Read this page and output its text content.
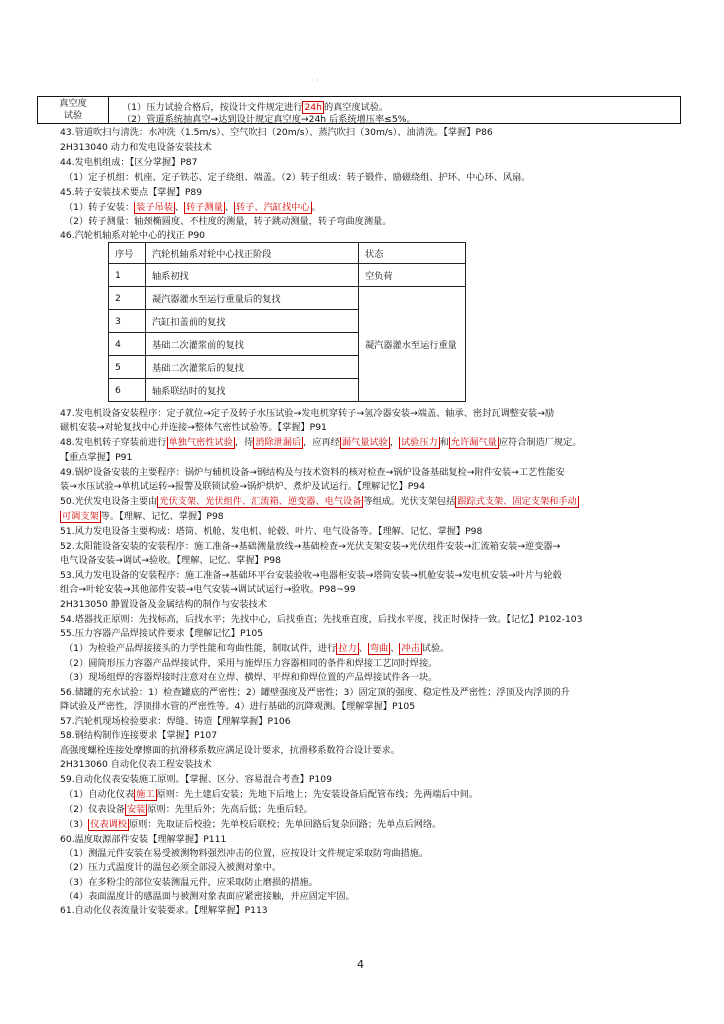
·
真空度
试验
（1）压力试验合格后，按设计文件规定进行 24h 的真空度试验。
（2）管道系统抽真空→达到设计规定真空度→24h 后系统增压率≤5%。
43.管道吹扫与清洗：水冲洗（1.5m/s）、空气吹扫（20m/s）、蒸汽吹扫（30m/s）、油清洗。【掌握】P86
2H313040 动力和发电设备安装技术
44.发电机组成：【区分掌握】P87
（1）定子机组：机座、定子铁芯、定子绕组、端盖。（2）转子组成：转子锻件、励磁绕组、护环、中心环、风扇。
45.转子安装技术要点【掌握】P89
（1）转子安装： 装子吊装 、 转子测量 、 转子、汽缸找中心 。
（2）转子测量：轴颈椭圆度、不柱度的测量，转子跳动测量，转子弯曲度测量。
46.汽轮机轴系对轮中心的找正 P90
序号	汽轮机轴系对轮中心找正阶段	状态
1	轴系初找	空负荷
2	凝汽器灌水至运行重量后的复找	凝汽器灌水至运行重量
3	汽缸扣盖前的复找	
4	基础二次灌浆前的复找	
5	基础二次灌浆后的复找	
6	轴系联结时的复找	
47.发电机设备安装程序：定子就位→定子及转子水压试验→发电机穿转子→氢冷器安装→端盖、轴承、密封瓦调整安装→励
磁机安装→对轮复找中心并连接→整体气密性试验等。【掌握】P91
48.发电机转子穿装前进行 单独气密性试验 ，待 消除泄漏后 ，应再经 漏气量试验 ， 试验压力 和 允许漏气量 应符合制造厂规定。
【重点掌握】P91
49.锅炉设备安装的主要程序：锅炉与辅机设备→钢结构及与技术资料的核对检查→锅炉设备基础复检→附件安装→工艺性能安
装→水压试验→单机试运转→报警及联锁试验→锅炉烘炉、煮炉及试运行。【理解记忆】P94
50.光伏发电设备主要由 光伏支架、光伏组件、汇流箱、逆变器、电气设备 等组成。光伏支架包括 跟踪式支架、固定支架和手动
可调支架 等。【理解、记忆、掌握】P98
51.风力发电设备主要构成：塔筒、机舱、发电机、轮毂、叶片、电气设备等。【理解、记忆、掌握】P98
52.太阳能设备安装的安装程序：施工准备→基础测量放线→基础检查→光伏支架安装→光伏组件安装→汇流箱安装→逆变器→
电气设备安装→调试→验收。【理解、记忆、掌握】P98
53.风力发电设备的安装程序：施工准备→基础环平台安装验收→电器柜安装→塔筒安装→机舱安装→发电机安装→叶片与轮毂
组合→叶轮安装→其他部件安装→电气安装→调试试运行→验收。P98~99
2H313050 静置设备及金属结构的制作与安装技术
54.塔器找正原则：先找标高，后找水平；先找中心，后找垂直；先找垂直度，后找水平度，找正时保持一致。【记忆】P102-103
55.压力容器产品焊接试件要求【理解记忆】P105
（1）为检验产品焊接接头的力学性能和弯曲性能，制取试件，进行 拉力 、 弯曲 、 冲击 试验。
（2）圆筒形压力容器产品焊接试件，采用与施焊压力容器相同的条件和焊接工艺同时焊接。
（3）现场组焊的容器焊接时注意对在立焊、横焊、平焊和仰焊位置的产品焊接试件各一块。
56.储罐的充水试验：1）检查罐底的严密性；2）罐壁强度及严密性；3）固定顶的强度、稳定性及严密性；浮顶及内浮顶的升
降试验及严密性，浮顶排水管的严密性等。4）进行基础的沉降观测。【理解掌握】P105
57.汽轮机现场检验要求：焊缝、铸造【理解掌握】P106
58.钢结构制作连接要求【掌握】P107
高强度螺栓连接处摩擦面的抗滑移系数应满足设计要求，抗滑移系数符合设计要求。
2H313060 自动化仪表工程安装技术
59.自动化仪表安装施工原则。【掌握、区分、容易混合考查】P109
（1）自动化仪表 施工 原则：先土建后安装；先地下后地上；先安装设备后配管布线；先两端后中间。
（2）仪表设备 安装 原则：先里后外；先高后低；先重后轻。
（3） 仪表调校 原则：先取证后校验；先单校后联校；先单回路后复杂回路；先单点后网络。
60.温度取源部件安装【理解掌握】P111
（1）测温元件安装在易受被测物料强烈冲击的位置，应按设计文件规定采取防弯曲措施。
（2）压力式温度计的温包必须全部浸入被测对象中。
（3）在多粉尘的部位安装测温元件，应采取防止磨损的措施。
（4）表面温度计的感温面与被测对象表面应紧密接触，并应固定牢固。
61.自动化仪表流量计安装要求。【理解掌握】P113
4
